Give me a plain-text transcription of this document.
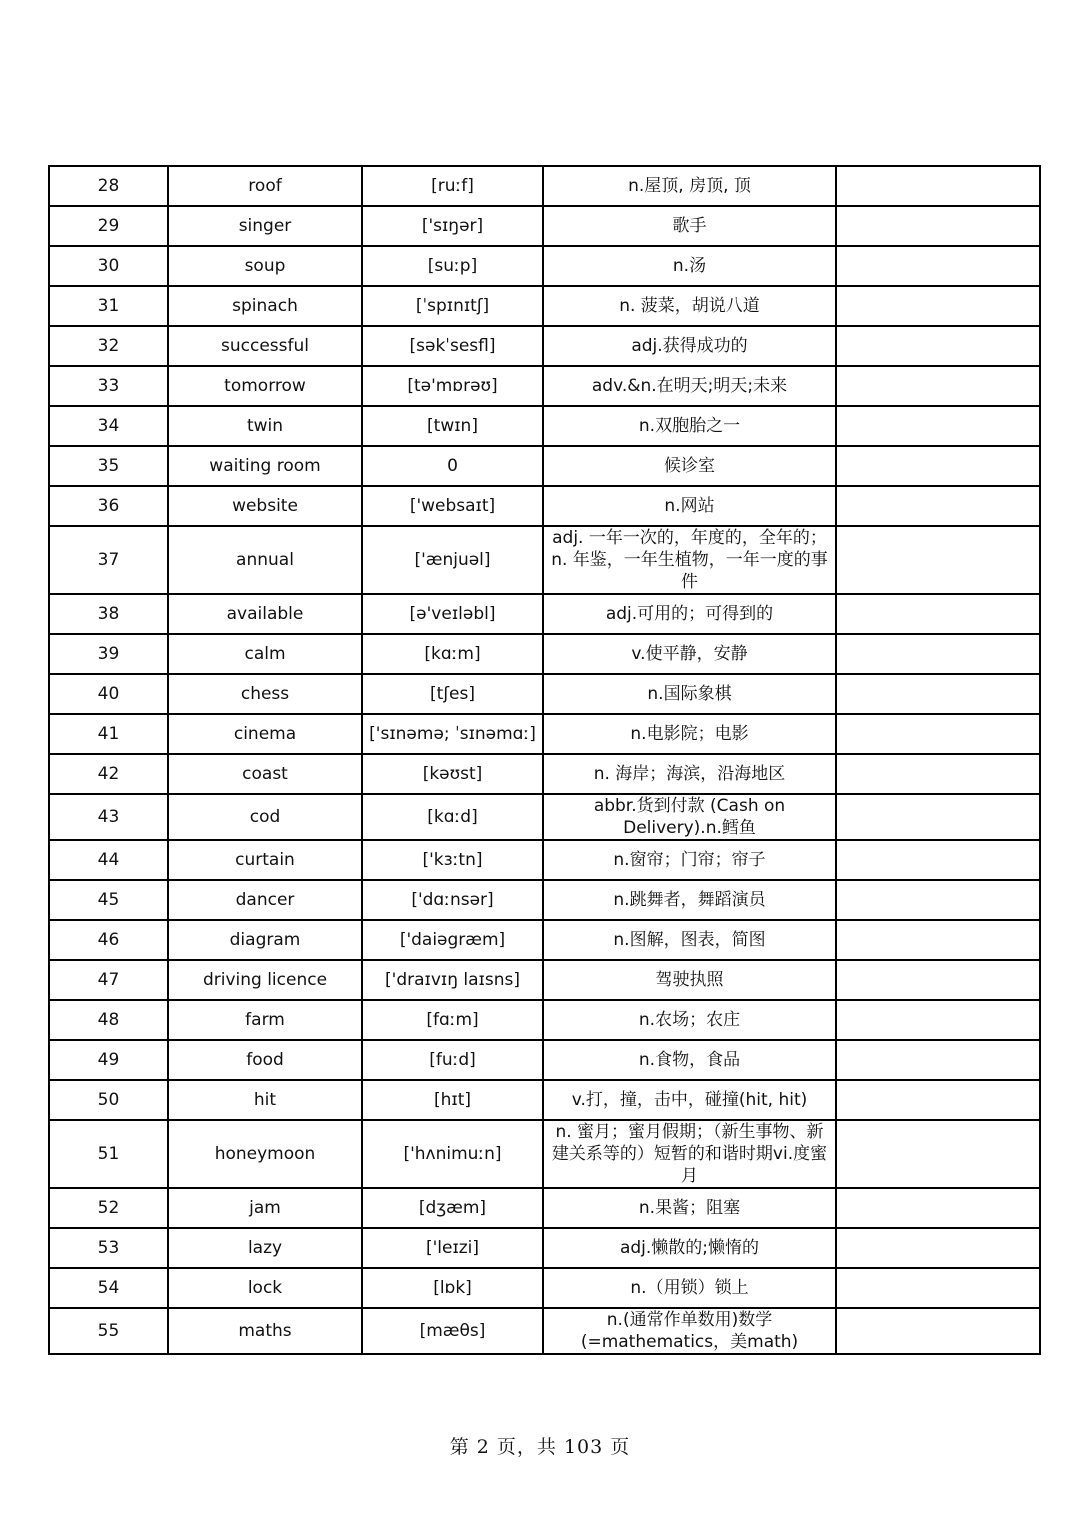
28	roof	[ruːf]	n.屋顶, 房顶, 顶	
29	singer	['sɪŋər]	歌手	
30	soup	[suːp]	n.汤	
31	spinach	[ˈspɪnɪtʃ]	n. 菠菜，胡说八道	
32	successful	[səkˈsesfl]	adj.获得成功的	
33	tomorrow	[tə'mɒrəʊ]	adv.&n.在明天;明天;未来	
34	twin	[twɪn]	n.双胞胎之一	
35	waiting room	0	候诊室	
36	website	['websaɪt]	n.网站	
37	annual	['ænjuəl]	adj. 一年一次的，年度的，全年的； n. 年鉴，一年生植物，一年一度的事件	
38	available	[ə'veɪləbl]	adj.可用的；可得到的	
39	calm	[kɑːm]	v.使平静，安静	
40	chess	[tʃes]	n.国际象棋	
41	cinema	['sɪnəmə; ˈsɪnəmɑː]	n.电影院；电影	
42	coast	[kəʊst]	n. 海岸；海滨，沿海地区	
43	cod	[kɑːd]	abbr.货到付款 (Cash on Delivery).n.鳕鱼	
44	curtain	['kɜːtn]	n.窗帘；门帘；帘子	
45	dancer	['dɑːnsər]	n.跳舞者，舞蹈演员	
46	diagram	['daiəgræm]	n.图解，图表，简图	
47	driving licence	['draɪvɪŋ laɪsns]	驾驶执照	
48	farm	[fɑːm]	n.农场；农庄	
49	food	[fuːd]	n.食物，食品	
50	hit	[hɪt]	v.打，撞，击中，碰撞(hit, hit)	
51	honeymoon	['hʌnimuːn]	n. 蜜月；蜜月假期；（新生事物、新建关系等的）短暂的和谐时期vi.度蜜月	
52	jam	[dʒæm]	n.果酱；阻塞	
53	lazy	['leɪzi]	adj.懒散的;懒惰的	
54	lock	[lɒk]	n.（用锁）锁上	
55	maths	[mæθs]	n.(通常作单数用)数学 (=mathematics，美math)	
第 2 页，共 103 页
